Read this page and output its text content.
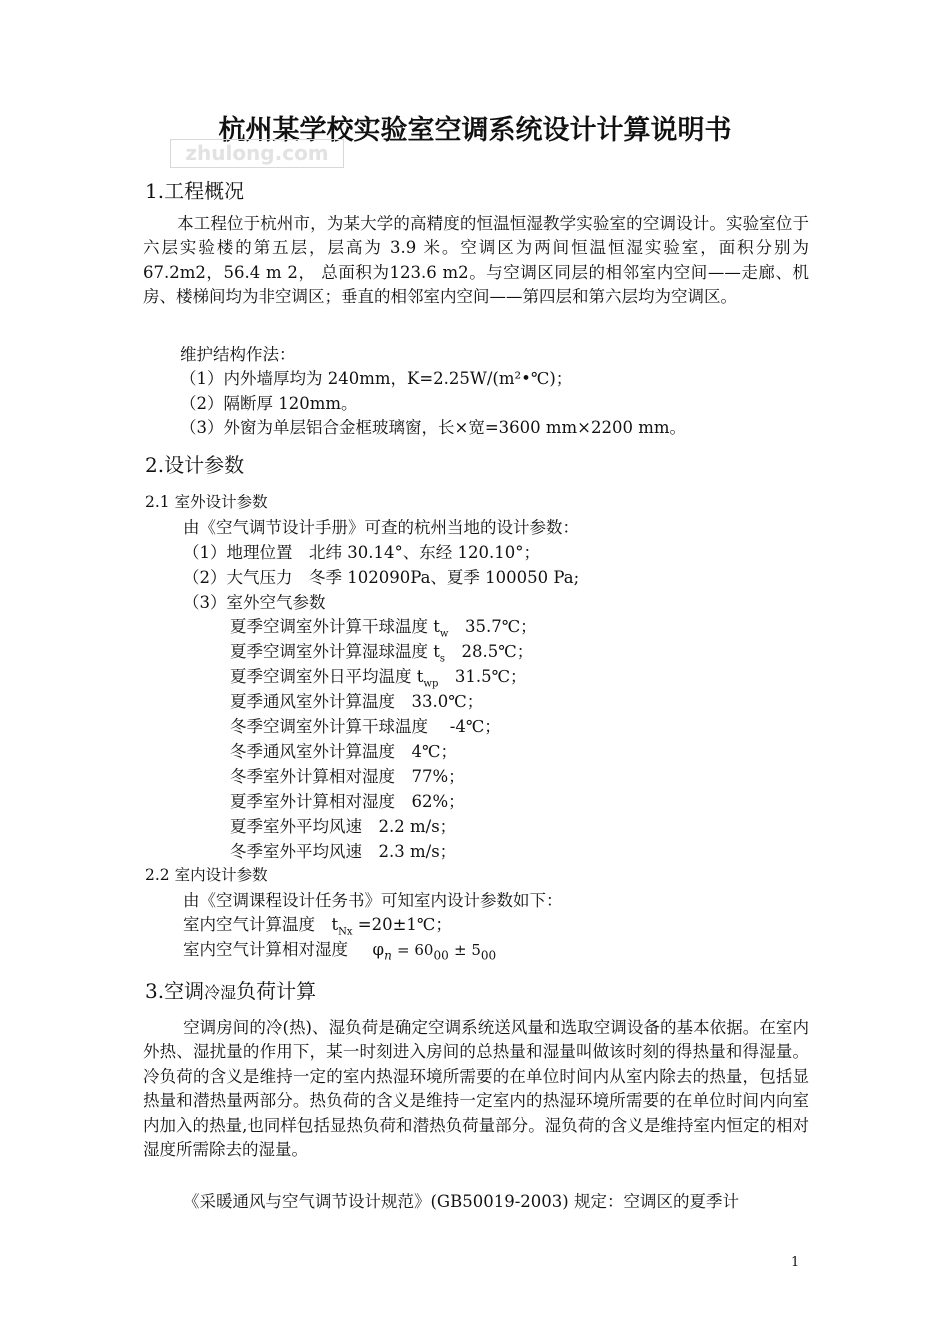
杭州某学校实验室空调系统设计计算说明书
zhulong.com
1.工程概况
本工程位于杭州市，为某大学的高精度的恒温恒湿教学实验室的空调设计。实验室位于六层实验楼的第五层，层高为 3.9 米。空调区为两间恒温恒湿实验室，面积分别为 67.2m2，56.4 m 2， 总面积为123.6 m2。与空调区同层的相邻室内空间——走廊、机房、楼梯间均为非空调区；垂直的相邻室内空间——第四层和第六层均为空调区。
维护结构作法：
（1）内外墙厚均为 240mm，K=2.25W/(m²•℃)；
（2）隔断厚 120mm。
（3）外窗为单层铝合金框玻璃窗，长×宽=3600 mm×2200 mm。
2.设计参数
2.1 室外设计参数
由《空气调节设计手册》可查的杭州当地的设计参数：
（1）地理位置　北纬 30.14°、东经 120.10°；
（2）大气压力　冬季 102090Pa、夏季 100050 Pa;
（3）室外空气参数
夏季空调室外计算干球温度 $t_w$　35.7℃；
夏季空调室外计算湿球温度 $t_s$　28.5℃；
夏季空调室外日平均温度 $t_{wp}$　31.5℃；
夏季通风室外计算温度　33.0℃；
冬季空调室外计算干球温度　 -4℃；
冬季通风室外计算温度　4℃；
冬季室外计算相对湿度　77%；
夏季室外计算相对湿度　62%；
夏季室外平均风速　2.2 m/s；
冬季室外平均风速　2.3 m/s；
2.2 室内设计参数
由《空调课程设计任务书》可知室内设计参数如下：
室内空气计算温度　$t_{Nx}$ =20±1℃；
室内空气计算相对湿度 $\varphi_n = 60_{00} \pm 5_{00}$
3.空调冷湿负荷计算
空调房间的冷(热)、湿负荷是确定空调系统送风量和选取空调设备的基本依据。在室内外热、湿扰量的作用下，某一时刻进入房间的总热量和湿量叫做该时刻的得热量和得湿量。冷负荷的含义是维持一定的室内热湿环境所需要的在单位时间内从室内除去的热量，包括显热量和潜热量两部分。热负荷的含义是维持一定室内的热湿环境所需要的在单位时间内向室内加入的热量,也同样包括显热负荷和潜热负荷量部分。湿负荷的含义是维持室内恒定的相对湿度所需除去的湿量。
《采暖通风与空气调节设计规范》(GB50019-2003) 规定：空调区的夏季计
1
